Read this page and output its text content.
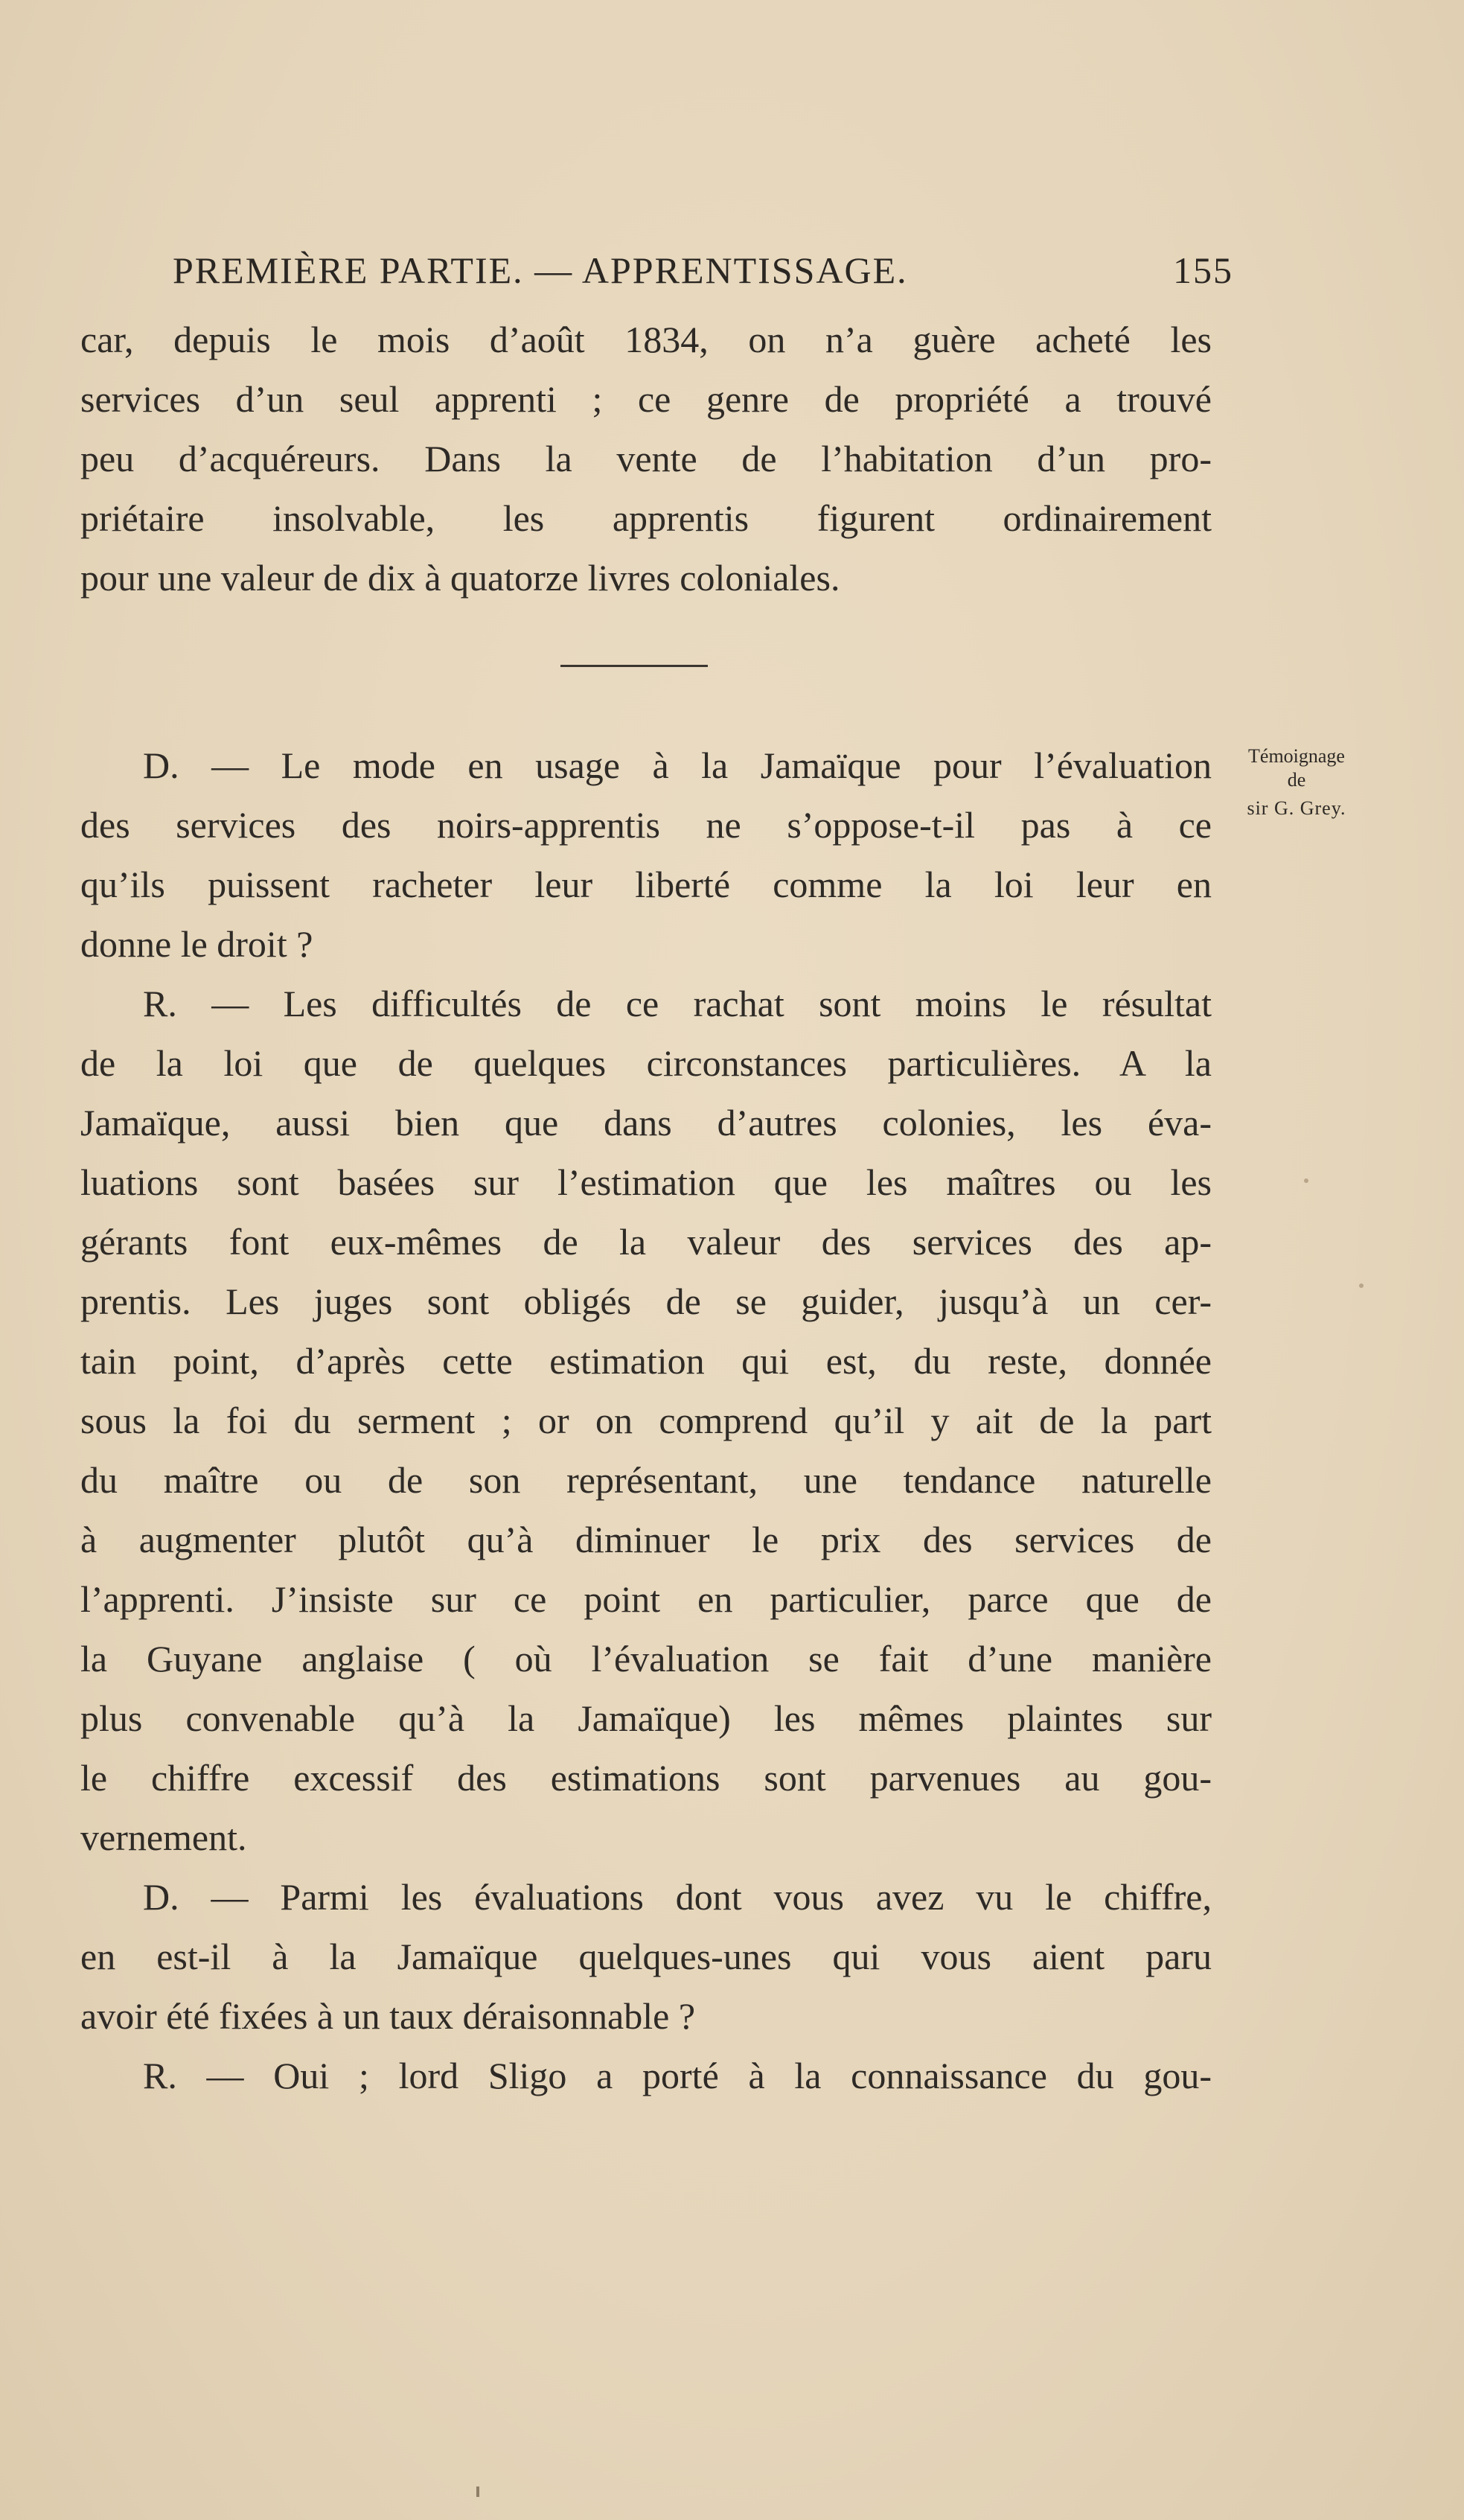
PREMIÈRE PARTIE. — APPRENTISSAGE.	155
car, depuis le mois d’août 1834, on n’a guère acheté les
services d’un seul apprenti ; ce genre de propriété a trouvé
peu d’acquéreurs. Dans la vente de l’habitation d’un pro-
priétaire insolvable, les apprentis figurent ordinairement
pour une valeur de dix à quatorze livres coloniales.
Témoignage
de
sir G. Grey.
D. — Le mode en usage à la Jamaïque pour l’évaluation
des services des noirs-apprentis ne s’oppose-t-il pas à ce
qu’ils puissent racheter leur liberté comme la loi leur en
donne le droit ?
R. — Les difficultés de ce rachat sont moins le résultat
de la loi que de quelques circonstances particulières. A la
Jamaïque, aussi bien que dans d’autres colonies, les éva-
luations sont basées sur l’estimation que les maîtres ou les
gérants font eux-mêmes de la valeur des services des ap-
prentis. Les juges sont obligés de se guider, jusqu’à un cer-
tain point, d’après cette estimation qui est, du reste, donnée
sous la foi du serment ; or on comprend qu’il y ait de la part
du maître ou de son représentant, une tendance naturelle
à augmenter plutôt qu’à diminuer le prix des services de
l’apprenti. J’insiste sur ce point en particulier, parce que de
la Guyane anglaise ( où l’évaluation se fait d’une manière
plus convenable qu’à la Jamaïque) les mêmes plaintes sur
le chiffre excessif des estimations sont parvenues au gou-
vernement.
D. — Parmi les évaluations dont vous avez vu le chiffre,
en est-il à la Jamaïque quelques-unes qui vous aient paru
avoir été fixées à un taux déraisonnable ?
R. — Oui ; lord Sligo a porté à la connaissance du gou-
